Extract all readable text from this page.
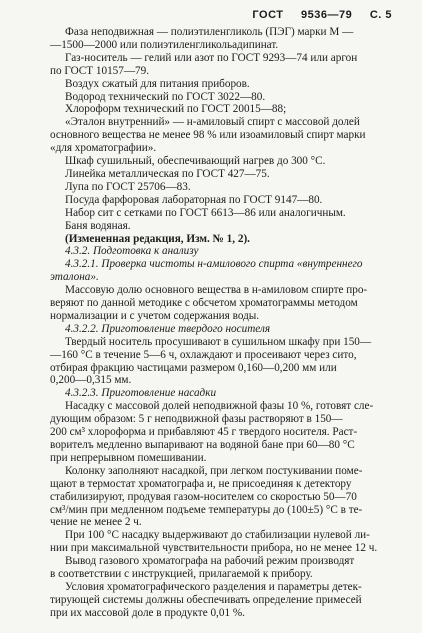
ГОСТ 9536—79 С. 5

Фаза неподвижная — полиэтиленгликоль (ПЭГ) марки М —

—1500—2000 или полиэтиленгликольадипинат.

Газ-носитель — гелий или азот по ГОСТ 9293—74 или аргон

по ГОСТ 10157—79.

Воздух сжатый для питания приборов.

Водород технический по ГОСТ 3022—80.

Хлороформ технический по ГОСТ 20015—88;

«Эталон внутренний» — н-амиловый спирт с массовой долей

основного вещества не менее 98 % или изоамиловый спирт марки

«для хроматографии».

Шкаф сушильный, обеспечивающий нагрев до 300 °С.

Линейка металлическая по ГОСТ 427—75.

Лупа по ГОСТ 25706—83.

Посуда фарфоровая лабораторная по ГОСТ 9147—80.

Набор сит с сетками по ГОСТ 6613—86 или аналогичным.

Баня водяная.

(Измененная редакция, Изм. № 1, 2).

4.3.2. Подготовка к анализу

4.3.2.1. Проверка чистоты н-амилового спирта «внутреннего

эталона».

Массовую долю основного вещества в н-амиловом спирте про-

веряют по данной методике с обсчетом хроматограммы методом

нормализации и с учетом содержания воды.

4.3.2.2. Приготовление твердого носителя

Твердый носитель просушивают в сушильном шкафу при 150—

—160 °С в течение 5—6 ч, охлаждают и просеивают через сито,

отбирая фракцию частицами размером 0,160—0,200 мм или

0,200—0,315 мм.

4.3.2.3. Приготовление насадки

Насадку с массовой долей неподвижной фазы 10 %, готовят сле-

дующим образом: 5 г неподвижной фазы растворяют в 150—

200 см³ хлороформа и прибавляют 45 г твердого носителя. Раст-

ворителъ медленно выпаривают на водяной бане при 60—80 °С

при непрерывном помешивании.

Колонку заполняют насадкой, при легком постукивании поме-

щают в термостат хроматографа и, не присоединяя к детектору

стабилизируют, продувая газом-носителем со скоростью 50—70

см³/мин при медленном подъеме температуры до (100±5) °С в те-

чение не менее 2 ч.

При 100 °С насадку выдерживают до стабилизации нулевой ли-

нии при максимальной чувствительности прибора, но не менее 12 ч.

Вывод газового хроматографа на рабочий режим производят

в соответствии с инструкцией, прилагаемой к прибору.

Условия хроматографического разделения и параметры детек-

тирующей системы должны обеспечивать определение примесей

при их массовой доле в продукте 0,01 %.
